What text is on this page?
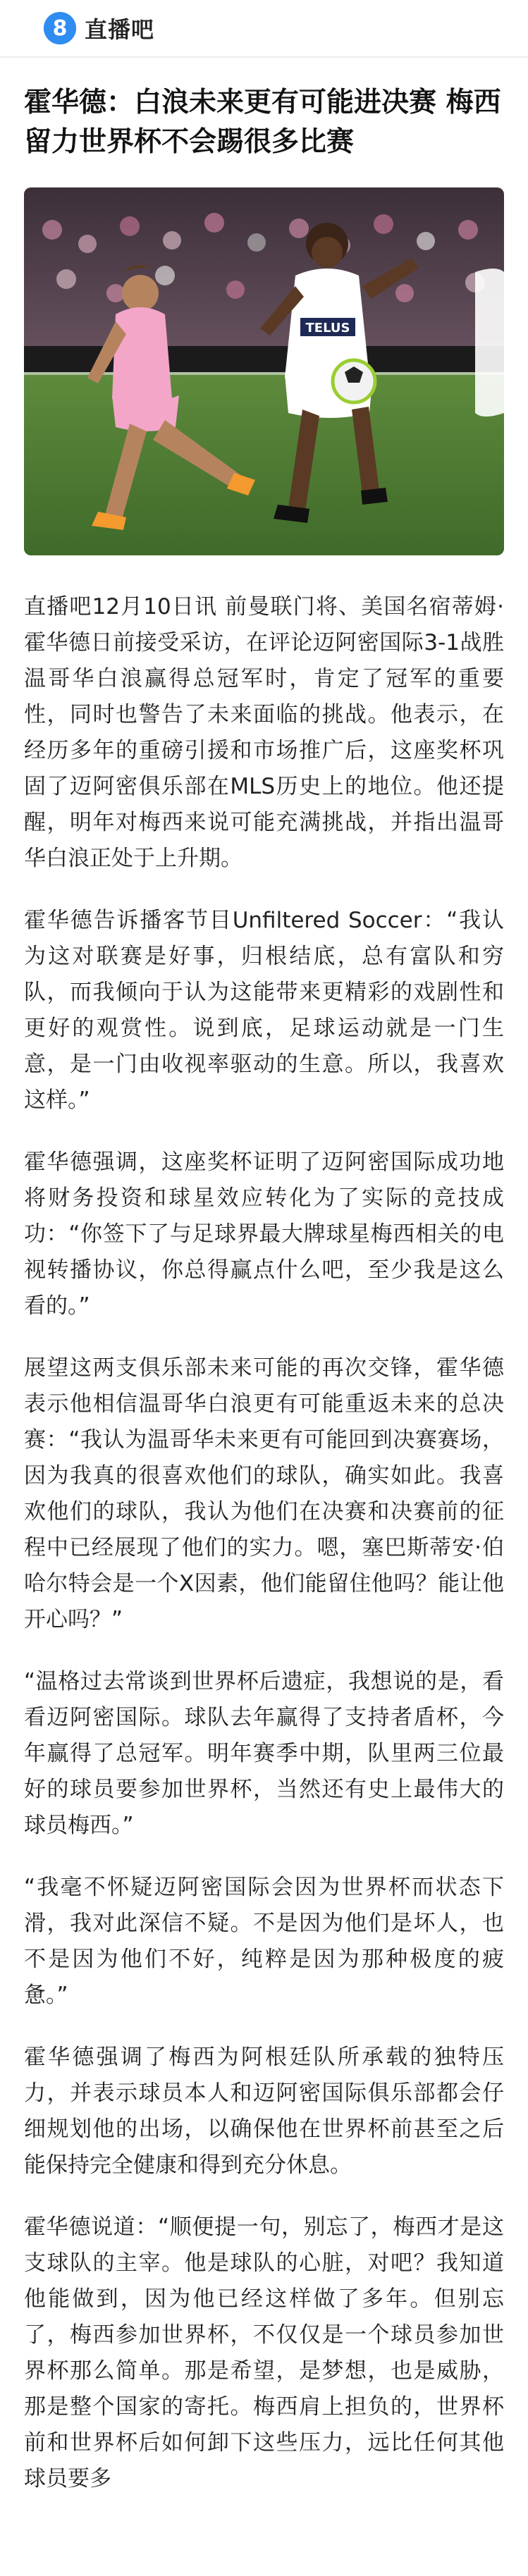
8 直播吧
霍华德：白浪未来更有可能进决赛 梅西留力世界杯不会踢很多比赛
TELUS

直播吧12月10日讯 前曼联门将、美国名宿蒂姆·霍华德日前接受采访，在评论迈阿密国际3-1战胜温哥华白浪赢得总冠军时，肯定了冠军的重要性，同时也警告了未来面临的挑战。他表示，在经历多年的重磅引援和市场推广后，这座奖杯巩固了迈阿密俱乐部在MLS历史上的地位。他还提醒，明年对梅西来说可能充满挑战，并指出温哥华白浪正处于上升期。

霍华德告诉播客节目Unfiltered Soccer：“我认为这对联赛是好事，归根结底，总有富队和穷队，而我倾向于认为这能带来更精彩的戏剧性和更好的观赏性。说到底，足球运动就是一门生意，是一门由收视率驱动的生意。所以，我喜欢这样。”

霍华德强调，这座奖杯证明了迈阿密国际成功地将财务投资和球星效应转化为了实际的竞技成功：“你签下了与足球界最大牌球星梅西相关的电视转播协议，你总得赢点什么吧，至少我是这么看的。”

展望这两支俱乐部未来可能的再次交锋，霍华德表示他相信温哥华白浪更有可能重返未来的总决赛：“我认为温哥华未来更有可能回到决赛赛场，因为我真的很喜欢他们的球队，确实如此。我喜欢他们的球队，我认为他们在决赛和决赛前的征程中已经展现了他们的实力。嗯，塞巴斯蒂安·伯哈尔特会是一个X因素，他们能留住他吗？能让他开心吗？”

“温格过去常谈到世界杯后遗症，我想说的是，看看迈阿密国际。球队去年赢得了支持者盾杯，今年赢得了总冠军。明年赛季中期，队里两三位最好的球员要参加世界杯，当然还有史上最伟大的球员梅西。”

“我毫不怀疑迈阿密国际会因为世界杯而状态下滑，我对此深信不疑。不是因为他们是坏人，也不是因为他们不好，纯粹是因为那种极度的疲惫。”

霍华德强调了梅西为阿根廷队所承载的独特压力，并表示球员本人和迈阿密国际俱乐部都会仔细规划他的出场，以确保他在世界杯前甚至之后能保持完全健康和得到充分休息。

霍华德说道：“顺便提一句，别忘了，梅西才是这支球队的主宰。他是球队的心脏，对吧？我知道他能做到，因为他已经这样做了多年。但别忘了，梅西参加世界杯，不仅仅是一个球员参加世界杯那么简单。那是希望，是梦想，也是威胁，那是整个国家的寄托。梅西肩上担负的，世界杯前和世界杯后如何卸下这些压力，远比任何其他球员要多
